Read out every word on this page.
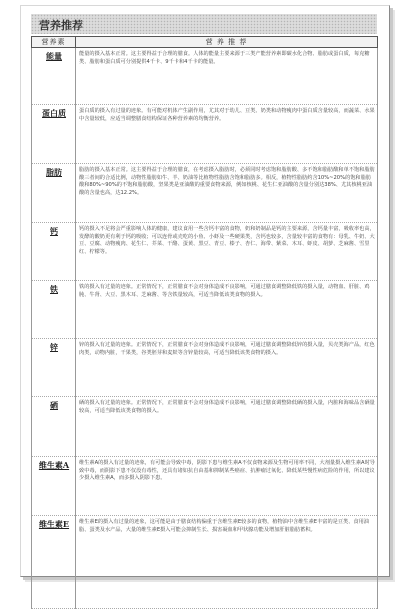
营养推荐
营养素	营 养 推 荐
能量	能量的摄入基本正常。这主要得益于合理的膳食。人体的能量主要来源于三类产能营养素即碳水化合物、脂肪或蛋白质，每克糖类、脂肪和蛋白质可分别提供4千卡、9千卡和4千卡的能量。
蛋白质	蛋白质的摄入有过量的迹象。有可能对机体产生副作用，尤其对于幼儿、豆类、奶类和动物瘦肉中蛋白质含量较高，而蔬菜、水果中含量较低，应适当调整膳食结构保证各种营养素的均衡营养。
脂肪	脂肪的摄入基本正常。这主要得益于合理的膳食，在考虑摄入脂肪时，必须同时考虑饱和脂肪酸、多不饱和脂肪酸和单不饱和脂肪酸三者间的合适比例，动物性脂肪如牛、羊、奶油等比植物性脂肪含饱和脂肪多。相反，植物性脂肪约含10%~20%的饱和脂肪酸和80%~90%的不饱和脂肪酸，坚果类是亚油酸的重要食物来源，例如核桃、花生仁亚油酸的含量分别达38%、尤其核桃亚油酸的含量也高，达12.2%。
钙	钙的摄入不足将会严重影响人体的健康，建议食用一些含钙丰富的食物，奶和奶制品是钙的主要来源，含钙量丰富，吸收率也高，发酵的酸奶更有利于钙的吸收；可以连骨或壳吃的小鱼、小虾及一些硬果类，含钙也较多，含量较丰富的食物有：母乳、牛奶、大豆、豆腐、动物瘦肉、花生仁、芥菜、干酪、蛋黄、黑豆、青豆、榛子、杏仁、海带、紫菜、木耳、虾皮、胡萝、芝麻酱、雪里红、柠檬等。
铁	铁的摄入有过量的迹象。正常情况下，正常膳食不会对身体造成不良影响，可通过膳食调整降低铁的摄入量，动物血、肝脏、鸡肫、牛肾、大豆、黑木耳、芝麻酱、等含铁量较高，可适当降低该类食物的摄入。
锌	锌的摄入有过量的迹象。正常情况下，正常膳食不会对身体造成不良影响，可通过膳食调整降低锌的摄入量，贝壳类海产品，红色肉类，动物内脏，干果类，谷类胚芽和麦麸等含锌量较高，可适当降低该类食物的摄入。
硒	硒的摄入有过量的迹象。正常情况下，正常膳食不会对身体造成不良影响，可通过膳食调整降低硒的摄入量，内脏和海味品含硒量较高，可适当降低该类食物的摄入。
维生素A	维生素A的摄入有过量的迹象，有可能会导致中毒，阴影下患与维生素A不仅食物来源及生物可用率不同，大剂量摄入维生素A时导致中毒，而阴影下患不仅没有毒性，还具有诸如抗自由基和抑制某些癌症、抗肿瘤过氧化、降低某些慢性病危险的作用，所以建议少摄入维生素A，而多摄入阴影下患。
维生素E	维生素E的摄入有过量的迹象，这可能是由于膳食结构偏重于含维生素E较多的食物，植物油中含维生素E丰富的是豆类、食用油脂、蛋类及水产品，大量的维生素E摄入可能会抑制生长、损害凝血和甲状腺功能及增加肝脏脂肪蓄积。
